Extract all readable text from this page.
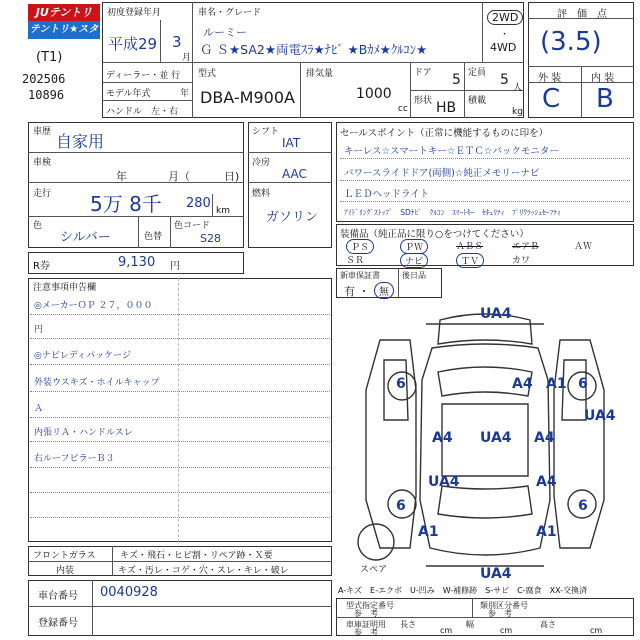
JUテントリ
テントリ★スター
(T1)
202506
10896
初度登録年月
平成29 3
月
ディーラー・並 行
モデル年式	年
ハンドル　左・右
車名・グレード
ルーミー
Ｇ Ｓ★SA2★両電ｽﾗ★ﾅﾋﾞ ★Bｶﾒ★ｸﾙｺﾝ★
2WD
・
4WD
型式
DBA-M900A
排気量
1000
cc
ドア 5 定員 5 人
形状 HB 積載
kg
評　価　点
(3.5)
外 装	内 装
C B
車歴 自家用
車検
年	月（	日)
走行 5万 8千 280 km
色
シルバー	色替
色コード
S28
シフト
IAT
冷房
AAC
燃料
ガソリン
R券	9,130 円
セールスポイント（正常に機能するものに印を）
キーレス☆スマートキー☆ＥＴＣ☆バックモニター
パワースライドドア(両側)☆純正メモリーナビ
ＬＥＤヘッドライト
ｱｲﾄﾞﾘﾝｸﾞｽﾄｯﾌﾟ　SDﾅﾋﾞ　ｸﾙｺﾝ　ｽﾏｰﾄｷｰ　ｾｷｭﾘﾃｨ　ﾌﾟﾘｸﾗｯｼｭｾｰﾌﾃｨ
装備品（純正品に限り○をつけてください）
ＰＳ	ＰＷ	ＡＢＳ	エアＢ	ＡＷ
ＳＲ	ナビ	ＴＶ	カワ
新車保証書
有 ・ 無
後日品
注意事項申告欄
◎メーカーＯＰ ２７，０００
円
◎ナビレディパッケージ
外装ウスキズ・ホイルキャップ
Ａ
内張リＡ・ハンドルスレ
右ルーフピラーＢ３
フロントガラス	キズ・飛石・ヒビ割・リペア跡・Ｘ要
内装	キズ・汚レ・コゲ・穴・スレ・キレ・破レ
車台番号 0040928
登録番号
UA4
6	A4 A1 6
UA4
A4 UA4 A4
UA4	A4
6
A1	A1
6
UA4
スペア
A-キズ　E-エクボ　U-凹み　W-補修跡　S-サビ　C-腐食　XX-交換済
型式指定番号
参　考
類別区分番号
参　考
車庫証明用 長さ
cm
参　考
幅
cm
高さ
cm
